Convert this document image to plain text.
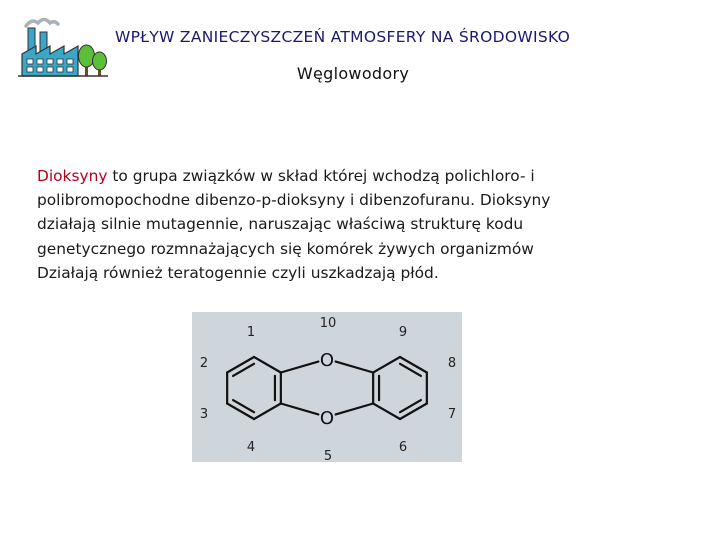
WPŁYW ZANIECZYSZCZEŃ ATMOSFERY NA ŚRODOWISKO
Węglowodory
Dioksyny to grupa związków w skład której wchodzą polichloro- i
polibromopochodne dibenzo-p-dioksyny i dibenzofuranu. Dioksyny
działają silnie mutagennie, naruszając właściwą strukturę kodu
genetycznego rozmnażających się komórek żywych organizmów
Działają również teratogennie czyli uszkadzają płód.
O
O
1
2
3
4
5
6
7
8
9
10
